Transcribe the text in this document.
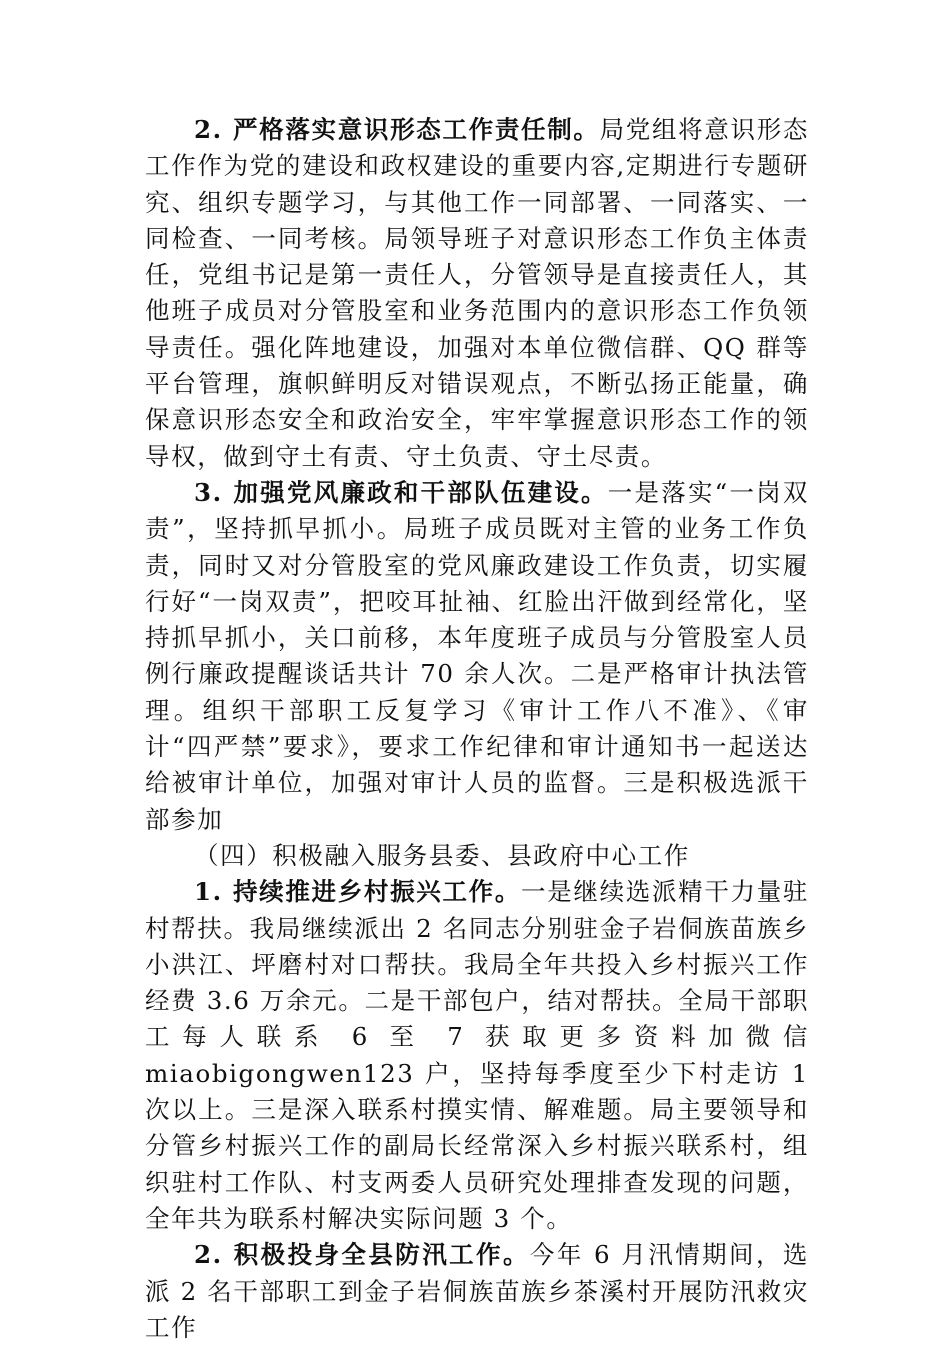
2. 严格落实意识形态工作责任制。局党组将意识形态工作作为党的建设和政权建设的重要内容,定期进行专题研究、组织专题学习，与其他工作一同部署、一同落实、一同检查、一同考核。局领导班子对意识形态工作负主体责任，党组书记是第一责任人，分管领导是直接责任人，其他班子成员对分管股室和业务范围内的意识形态工作负领导责任。强化阵地建设，加强对本单位微信群、QQ 群等平台管理，旗帜鲜明反对错误观点，不断弘扬正能量，确保意识形态安全和政治安全，牢牢掌握意识形态工作的领导权，做到守土有责、守土负责、守土尽责。

3. 加强党风廉政和干部队伍建设。一是落实“一岗双责”，坚持抓早抓小。局班子成员既对主管的业务工作负责，同时又对分管股室的党风廉政建设工作负责，切实履行好“一岗双责”，把咬耳扯袖、红脸出汗做到经常化，坚持抓早抓小，关口前移，本年度班子成员与分管股室人员例行廉政提醒谈话共计 70 余人次。二是严格审计执法管理。组织干部职工反复学习《审计工作八不准》、《审计“四严禁”要求》，要求工作纪律和审计通知书一起送达给被审计单位，加强对审计人员的监督。三是积极选派干部参加

（四）积极融入服务县委、县政府中心工作

1. 持续推进乡村振兴工作。一是继续选派精干力量驻村帮扶。我局继续派出 2 名同志分别驻金子岩侗族苗族乡小洪江、坪磨村对口帮扶。我局全年共投入乡村振兴工作经费 3.6 万余元。二是干部包户，结对帮扶。全局干部职工每人联系 6 至 7 获取更多资料加微信 miaobigongwen123 户，坚持每季度至少下村走访 1 次以上。三是深入联系村摸实情、解难题。局主要领导和分管乡村振兴工作的副局长经常深入乡村振兴联系村，组织驻村工作队、村支两委人员研究处理排查发现的问题，全年共为联系村解决实际问题 3 个。

2. 积极投身全县防汛工作。今年 6 月汛情期间，选派 2 名干部职工到金子岩侗族苗族乡茶溪村开展防汛救灾工作
